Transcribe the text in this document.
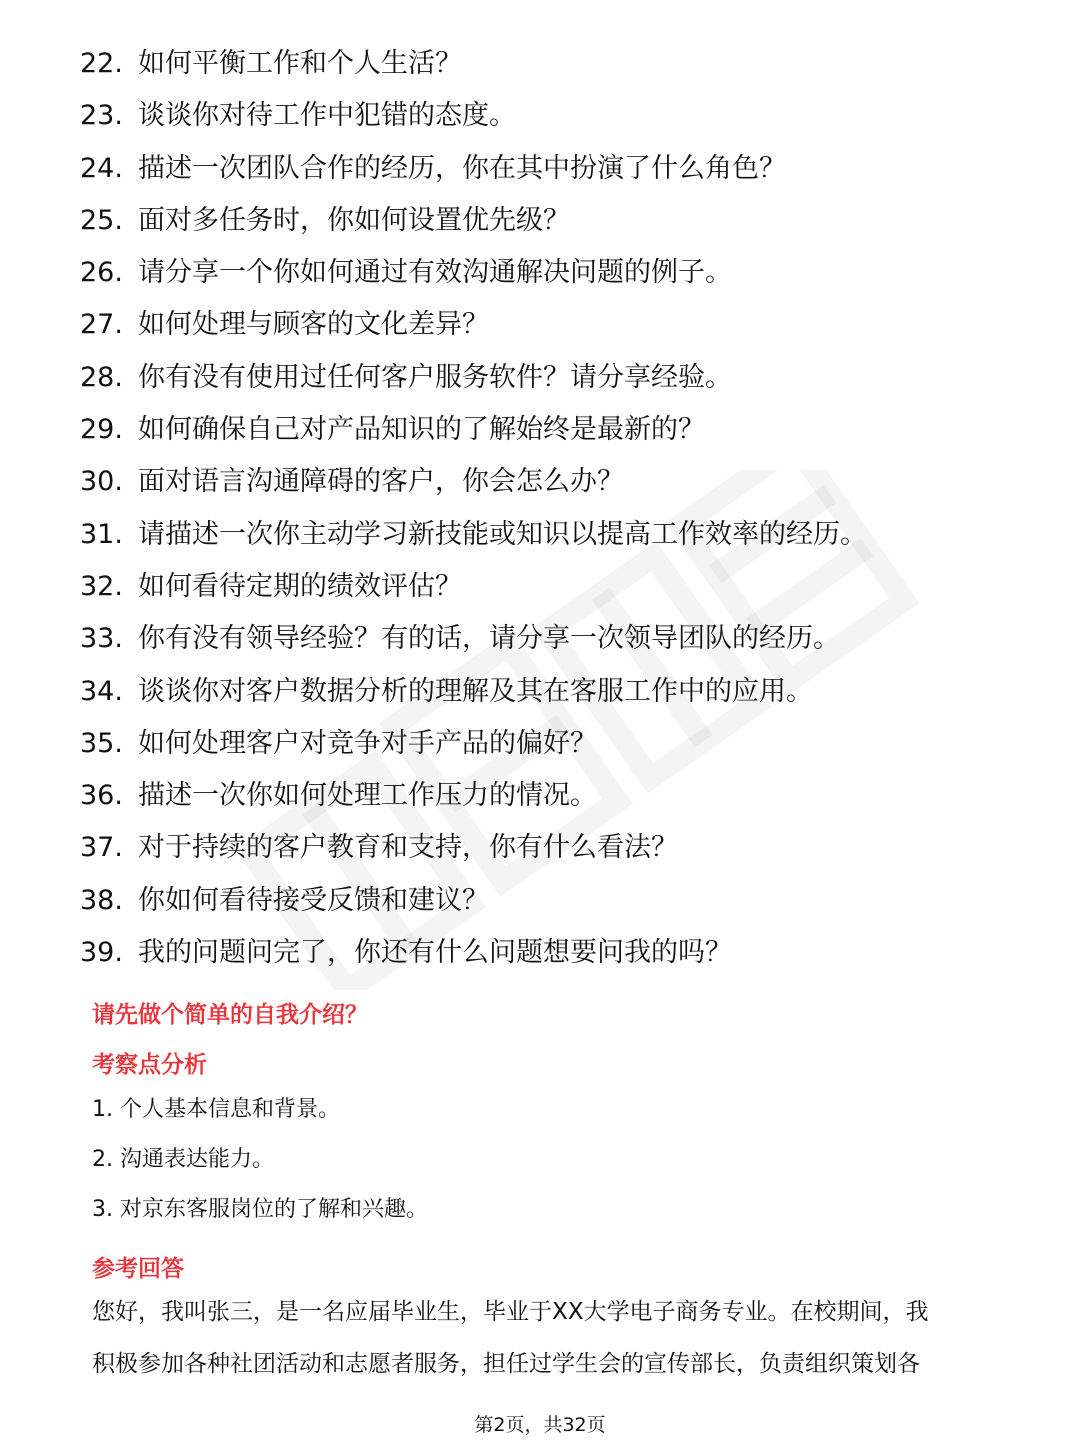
22. 如何平衡工作和个人生活？
23. 谈谈你对待工作中犯错的态度。
24. 描述一次团队合作的经历，你在其中扮演了什么角色？
25. 面对多任务时，你如何设置优先级？
26. 请分享一个你如何通过有效沟通解决问题的例子。
27. 如何处理与顾客的文化差异？
28. 你有没有使用过任何客户服务软件？请分享经验。
29. 如何确保自己对产品知识的了解始终是最新的？
30. 面对语言沟通障碍的客户，你会怎么办？
31. 请描述一次你主动学习新技能或知识以提高工作效率的经历。
32. 如何看待定期的绩效评估？
33. 你有没有领导经验？有的话，请分享一次领导团队的经历。
34. 谈谈你对客户数据分析的理解及其在客服工作中的应用。
35. 如何处理客户对竞争对手产品的偏好？
36. 描述一次你如何处理工作压力的情况。
37. 对于持续的客户教育和支持，你有什么看法？
38. 你如何看待接受反馈和建议？
39. 我的问题问完了，你还有什么问题想要问我的吗？
请先做个简单的自我介绍？
考察点分析
1. 个人基本信息和背景。
2. 沟通表达能力。
3. 对京东客服岗位的了解和兴趣。
参考回答
您好，我叫张三，是一名应届毕业生，毕业于XX大学电子商务专业。在校期间，我
积极参加各种社团活动和志愿者服务，担任过学生会的宣传部长，负责组织策划各
第2页，共32页
